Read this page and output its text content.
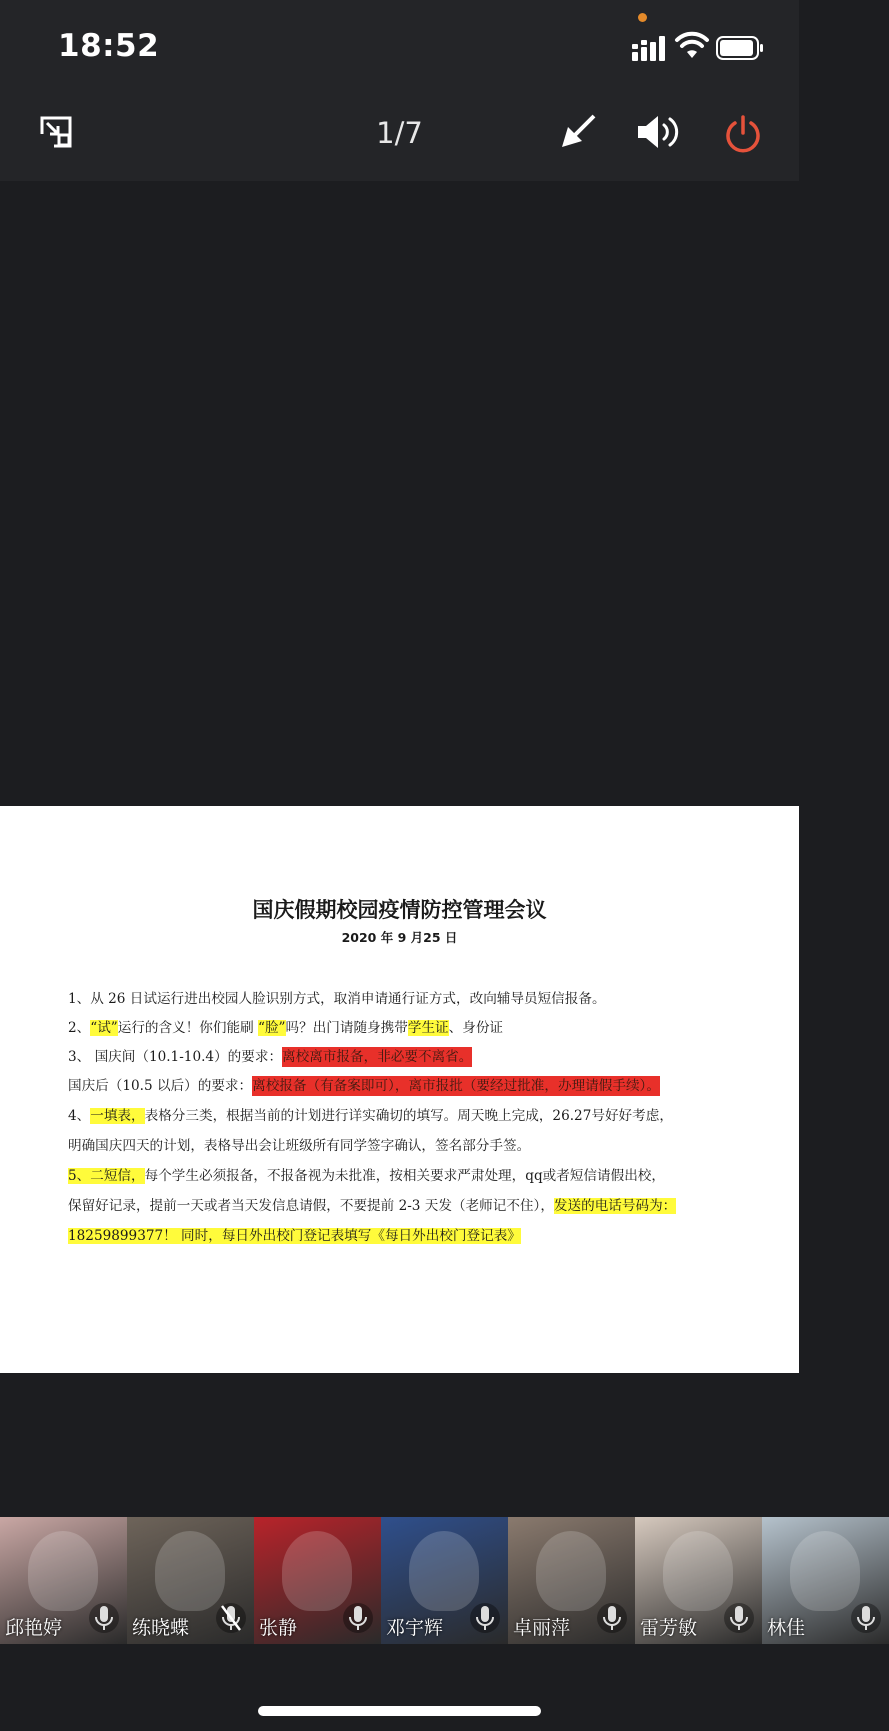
18:52
1/7
国庆假期校园疫情防控管理会议
2020 年 9 月25 日
1、从 26 日试运行进出校园人脸识别方式，取消申请通行证方式，改向辅导员短信报备。
2、“试”运行的含义！你们能刷 “脸”吗？出门请随身携带学生证、身份证
3、 国庆间（10.1-10.4）的要求：离校离市报备，非必要不离省。
国庆后（10.5 以后）的要求：离校报备（有备案即可），离市报批（要经过批准，办理请假手续）。
4、一填表，表格分三类，根据当前的计划进行详实确切的填写。周天晚上完成，26.27号好好考虑，
明确国庆四天的计划，表格导出会让班级所有同学签字确认，签名部分手签。
5、二短信，每个学生必须报备，不报备视为未批准，按相关要求严肃处理，qq或者短信请假出校，
保留好记录，提前一天或者当天发信息请假，不要提前 2-3 天发（老师记不住），发送的电话号码为：
18259899377！ 同时，每日外出校门登记表填写《每日外出校门登记表》
邱艳婷	练晓蝶	张静	邓宇辉	卓丽萍	雷芳敏	林佳
